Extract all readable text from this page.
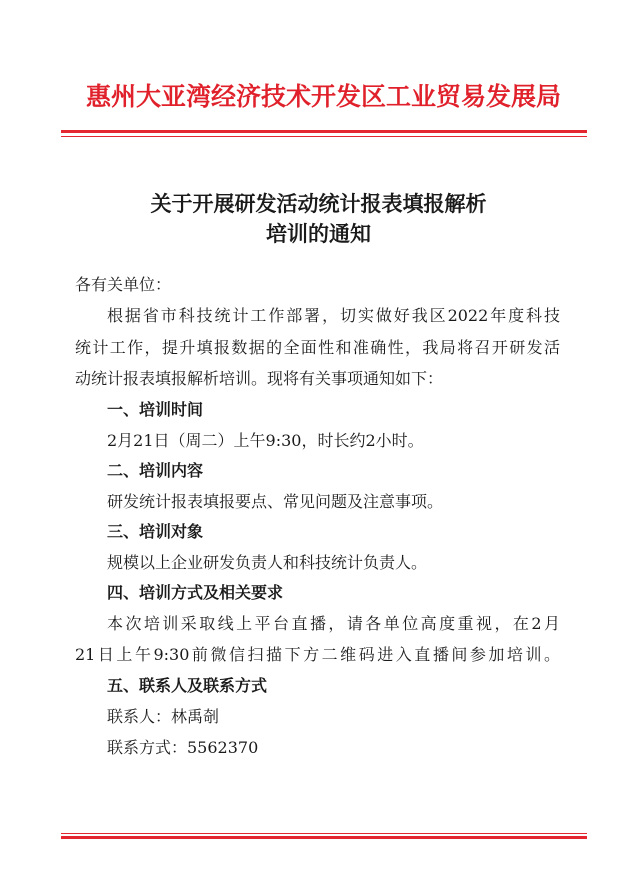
惠州大亚湾经济技术开发区工业贸易发展局
关于开展研发活动统计报表填报解析
培训的通知
各有关单位：
根据省市科技统计工作部署，切实做好我区2022年度科技
统计工作，提升填报数据的全面性和准确性，我局将召开研发活
动统计报表填报解析培训。现将有关事项通知如下：
一、培训时间
2月21日（周二）上午9:30，时长约2小时。
二、培训内容
研发统计报表填报要点、常见问题及注意事项。
三、培训对象
规模以上企业研发负责人和科技统计负责人。
四、培训方式及相关要求
本次培训采取线上平台直播，请各单位高度重视，在2月
21日上午9:30前微信扫描下方二维码进入直播间参加培训。
五、联系人及联系方式
联系人：林禹剞
联系方式：5562370
